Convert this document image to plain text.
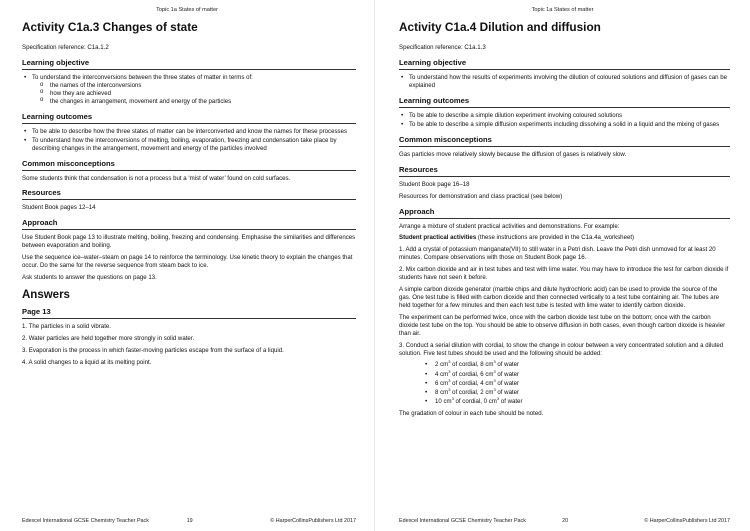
Topic 1a States of matter
Activity C1a.3 Changes of state

Specification reference: C1a.1.2

Learning objective
• To understand the interconversions between the three states of matter in terms of:
o the names of the interconversions
o how they are achieved
o the changes in arrangement, movement and energy of the particles
Learning outcomes
• To be able to describe how the three states of matter can be interconverted and know the names for these processes
• To understand how the interconversions of melting, boiling, evaporation, freezing and condensation take place by describing changes in the arrangement, movement and energy of the particles involved
Common misconceptions

Some students think that condensation is not a process but a ‘mist of water’ found on cold surfaces.

Resources

Student Book pages 12–14

Approach

Use Student Book page 13 to illustrate melting, boiling, freezing and condensing. Emphasise the similarities and differences between evaporation and boiling.

Use the sequence ice–water–steam on page 14 to reinforce the terminology. Use kinetic theory to explain the changes that occur. Do the same for the reverse sequence from steam back to ice.

Ask students to answer the questions on page 13.

Answers
Page 13

1. The particles in a solid vibrate.

2. Water particles are held together more strongly in solid water.

3. Evaporation is the process in which faster-moving particles escape from the surface of a liquid.

4. A solid changes to a liquid at its melting point.

Edexcel International GCSE Chemistry Teacher Pack	19	© HarperCollinsPublishers Ltd 2017
Topic 1a States of matter
Activity C1a.4 Dilution and diffusion

Specification reference: C1a.1.3

Learning objective
• To understand how the results of experiments involving the dilution of coloured solutions and diffusion of gases can be explained
Learning outcomes
• To be able to describe a simple dilution experiment involving coloured solutions
• To be able to describe a simple diffusion experiments including dissolving a solid in a liquid and the mixing of gases
Common misconceptions

Gas particles move relatively slowly because the diffusion of gases is relatively slow.

Resources

Student Book page 16–18

Resources for demonstration and class practical (see below)

Approach

Arrange a mixture of student practical activities and demonstrations. For example:

Student practical activities (these instructions are provided in the C1a.4a_worksheet)

1. Add a crystal of potassium manganate(VII) to still water in a Petri dish. Leave the Petri dish unmoved for at least 20 minutes. Compare observations with those on Student Book page 16.

2. Mix carbon dioxide and air in test tubes and test with lime water. You may have to introduce the test for carbon dioxide if students have not seen it before.

A simple carbon dioxide generator (marble chips and dilute hydrochloric acid) can be used to provide the source of the gas. One test tube is filled with carbon dioxide and then connected vertically to a test tube containing air. The tubes are held together for a few minutes and then each test tube is tested with lime water to identify carbon dioxide.

The experiment can be performed twice, once with the carbon dioxide test tube on the bottom; once with the carbon dioxide test tube on the top. You should be able to observe diffusion in both cases, even though carbon dioxide is heavier than air.

3. Conduct a serial dilution with cordial, to show the change in colour between a very concentrated solution and a diluted solution. Five test tubes should be used and the following should be added:

• 2 $cm^3$ of cordial, 8 $cm^3$ of water
• 4 $cm^3$ of cordial, 6 $cm^3$ of water
• 6 $cm^3$ of cordial, 4 $cm^3$ of water
• 8 $cm^3$ of cordial, 2 $cm^3$ of water
• 10 $cm^3$ of cordial, 0 $cm^3$ of water

The gradation of colour in each tube should be noted.

Edexcel International GCSE Chemistry Teacher Pack	20	© HarperCollinsPublishers Ltd 2017
